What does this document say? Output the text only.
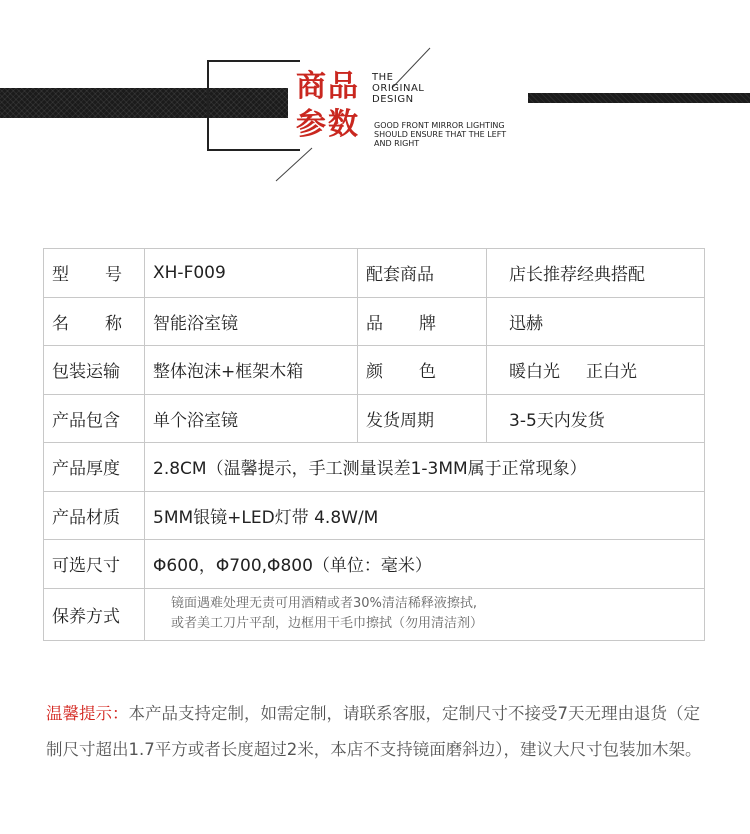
商品
参数
THE
ORIGINAL
DESIGN
GOOD FRONT MIRROR LIGHTING
SHOULD ENSURE THAT THE LEFT
AND RIGHT
型 号	XH-F009	配套商品	店长推荐经典搭配

名 称	智能浴室镜	品 牌	迅赫
包装运输	整体泡沫+框架木箱	颜 色	暖白光 正白光
产品包含	单个浴室镜	发货周期	3-5天内发货
产品厚度	2.8CM（温馨提示，手工测量误差1-3MM属于正常现象）		
产品材质	5MM银镜+LED灯带 4.8W/M		
可选尺寸	Φ600，Φ700,Φ800（单位：毫米）		
保养方式	镜面遇难处理无责可用酒精或者30%清洁稀释液擦拭,
或者美工刀片平刮，边框用干毛巾擦拭（勿用清洁剂）		
温馨提示：本产品支持定制，如需定制，请联系客服，定制尺寸不接受7天无理由退货（定制尺寸超出1.7平方或者长度超过2米，本店不支持镜面磨斜边），建议大尺寸包装加木架。
